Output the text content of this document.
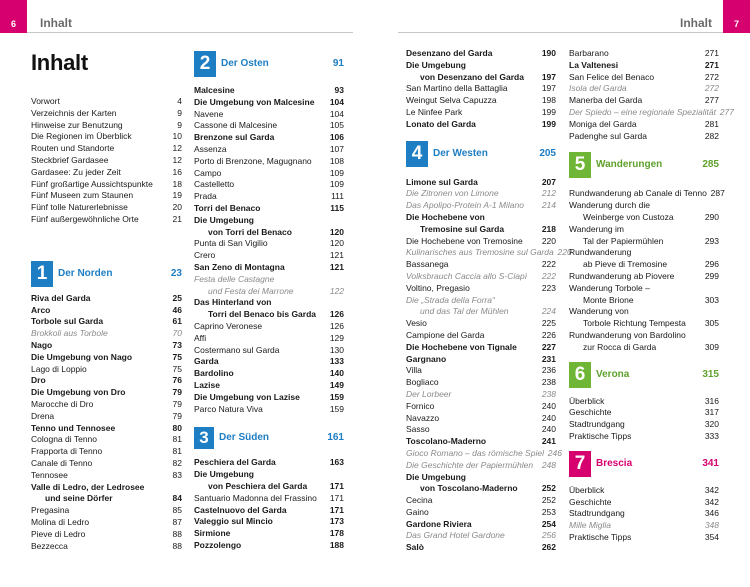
6	Inhalt	Inhalt	7
Inhalt
Vorwort	4
Verzeichnis der Karten	9
Hinweise zur Benutzung	9
Die Regionen im Überblick	10
Routen und Standorte	12
Steckbrief Gardasee	12
Gardasee: Zu jeder Zeit	16
Fünf großartige Aussichtspunkte	18
Fünf Museen zum Staunen	19
Fünf tolle Naturerlebnisse	20
Fünf außergewöhnliche Orte	21
1	Der Norden	23
Riva del Garda	25
Arco	46
Torbole sul Garda	61
Brokkoli aus Torbole	70
Nago	73
Die Umgebung von Nago	75
Lago di Loppio	75
Dro	76
Die Umgebung von Dro	79
Marocche di Dro	79
Drena	79
Tenno und Tennosee	80
Cologna di Tenno	81
Frapporta di Tenno	81
Canale di Tenno	82
Tennosee	83
Valle di Ledro, der Ledrosee
und seine Dörfer	84
Pregasina	85
Molina di Ledro	87
Pieve di Ledro	88
Bezzecca	88
2	Der Osten	91
Malcesine	93
Die Umgebung von Malcesine	104
Navene	104
Cassone di Malcesine	105
Brenzone sul Garda	106
Assenza	107
Porto di Brenzone, Magugnano	108
Campo	109
Castelletto	109
Prada	111
Torri del Benaco	115
Die Umgebung
von Torri del Benaco	120
Punta di San Vigilio	120
Crero	121
San Zeno di Montagna	121
Festa delle Castagne
und Festa dei Marrone	122
Das Hinterland von
Torri del Benaco bis Garda	126
Caprino Veronese	126
Affi	129
Costermano sul Garda	130
Garda	133
Bardolino	140
Lazise	149
Die Umgebung von Lazise	159
Parco Natura Viva	159
3	Der Süden	161
Peschiera del Garda	163
Die Umgebung
von Peschiera del Garda	171
Santuario Madonna del Frassino	171
Castelnuovo del Garda	171
Valeggio sul Mincio	173
Sirmione	178
Pozzolengo	188
Desenzano del Garda	190
Die Umgebung
von Desenzano del Garda	197
San Martino della Battaglia	197
Weingut Selva Capuzza	198
Le Ninfee Park	199
Lonato del Garda	199
4	Der Westen	205
Limone sul Garda	207
Die Zitronen von Limone	212
Das Apolipo-Protein A-1 Milano	214
Die Hochebene von
Tremosine sul Garda	218
Die Hochebene von Tremosine	220
Kulinarisches aus Tremosine sul Garda 220
Bassanega	222
Volksbrauch Caccia allo S-Ciapì	222
Voltino, Pregasio	223
Die „Strada della Forra“
und das Tal der Mühlen	224
Vesio	225
Campione del Garda	226
Die Hochebene von Tignale	227
Gargnano	231
Villa	236
Bogliaco	238
Der Lorbeer	238
Fornico	240
Navazzo	240
Sasso	240
Toscolano-Maderno	241
Gioco Romano – das römische Spiel 246
Die Geschichte der Papiermühlen	248
Die Umgebung
von Toscolano-Maderno	252
Cecina	252
Gaino	253
Gardone Riviera	254
Das Grand Hotel Gardone	256
Salò	262
Barbarano	271
La Valtenesi	271
San Felice del Benaco	272
Isola del Garda	272
Manerba del Garda	277
Der Spiedo – eine regionale Spezialität 277
Moniga del Garda	281
Padenghe sul Garda	282
5	Wanderungen	285
Rundwanderung ab Canale di Tenno 287
Wanderung durch die
Weinberge von Custoza	290
Wanderung im
Tal der Papiermühlen	293
Rundwanderung
ab Pieve di Tremosine	296
Rundwanderung ab Piovere	299
Wanderung Torbole –
Monte Brione	303
Wanderung von
Torbole Richtung Tempesta	305
Rundwanderung von Bardolino
zur Rocca di Garda	309
6	Verona	315
Überblick	316
Geschichte	317
Stadtrundgang	320
Praktische Tipps	333
7	Brescia	341
Überblick	342
Geschichte	342
Stadtrundgang	346
Mille Miglia	348
Praktische Tipps	354
